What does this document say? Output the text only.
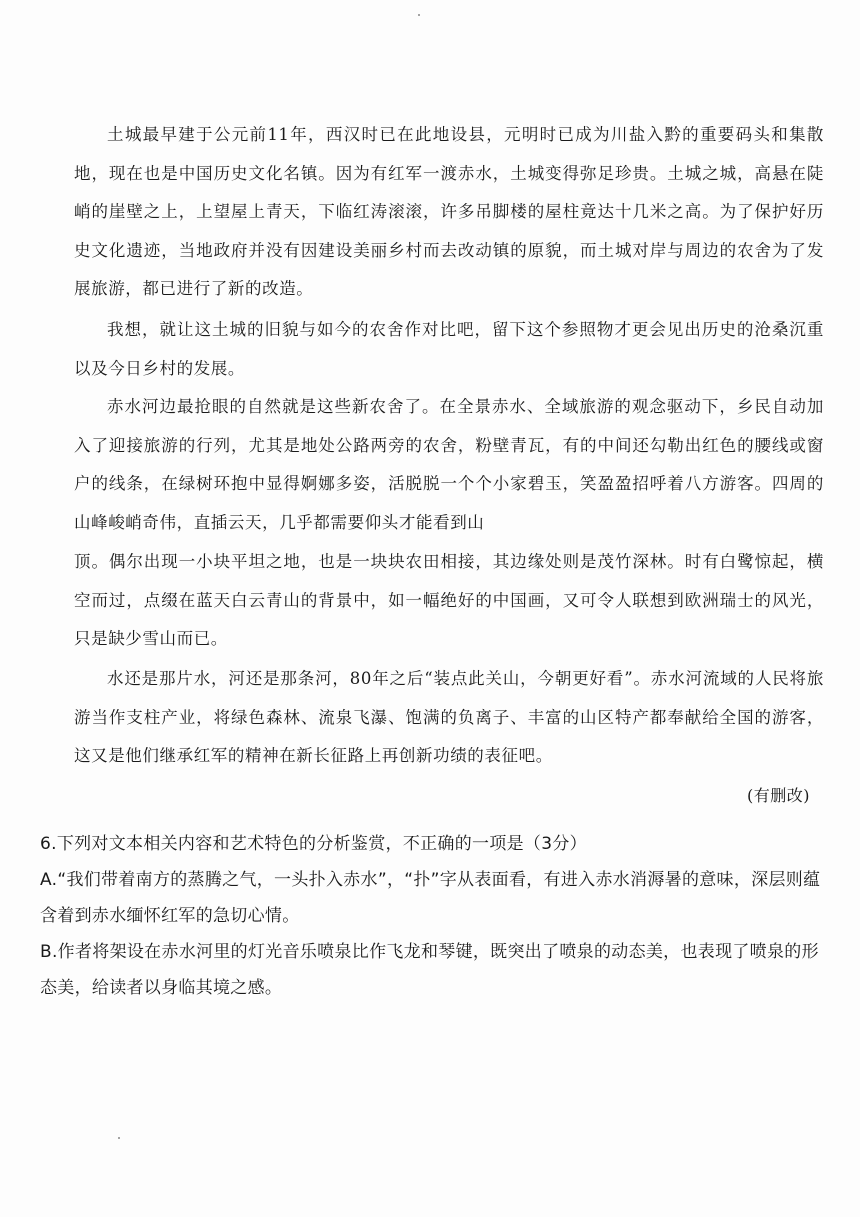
土城最早建于公元前11年，西汉时已在此地设县，元明时已成为川盐入黔的重要码头和集散地，现在也是中国历史文化名镇。因为有红军一渡赤水，土城变得弥足珍贵。土城之城，高悬在陡峭的崖壁之上，上望屋上青天，下临红涛滚滚，许多吊脚楼的屋柱竟达十几米之高。为了保护好历史文化遗迹，当地政府并没有因建设美丽乡村而去改动镇的原貌，而土城对岸与周边的农舍为了发展旅游，都已进行了新的改造。

我想，就让这土城的旧貌与如今的农舍作对比吧，留下这个参照物才更会见出历史的沧桑沉重以及今日乡村的发展。

赤水河边最抢眼的自然就是这些新农舍了。在全景赤水、全域旅游的观念驱动下，乡民自动加入了迎接旅游的行列，尤其是地处公路两旁的农舍，粉壁青瓦，有的中间还勾勒出红色的腰线或窗户的线条，在绿树环抱中显得婀娜多姿，活脱脱一个个小家碧玉，笑盈盈招呼着八方游客。四周的山峰峻峭奇伟，直插云天，几乎都需要仰头才能看到山

顶。偶尔出现一小块平坦之地，也是一块块农田相接，其边缘处则是茂竹深林。时有白鹭惊起，横空而过，点缀在蓝天白云青山的背景中，如一幅绝好的中国画，又可令人联想到欧洲瑞士的风光，只是缺少雪山而已。

水还是那片水，河还是那条河，80年之后“装点此关山，今朝更好看”。赤水河流域的人民将旅游当作支柱产业，将绿色森林、流泉飞瀑、饱满的负离子、丰富的山区特产都奉献给全国的游客，这又是他们继承红军的精神在新长征路上再创新功绩的表征吧。

(有删改)

6.下列对文本相关内容和艺术特色的分析鉴赏，不正确的一项是（3分）

A.“我们带着南方的蒸腾之气，一头扑入赤水”，“扑”字从表面看，有进入赤水消溽暑的意味，深层则蕴含着到赤水缅怀红军的急切心情。

B.作者将架设在赤水河里的灯光音乐喷泉比作飞龙和琴键，既突出了喷泉的动态美，也表现了喷泉的形态美，给读者以身临其境之感。
